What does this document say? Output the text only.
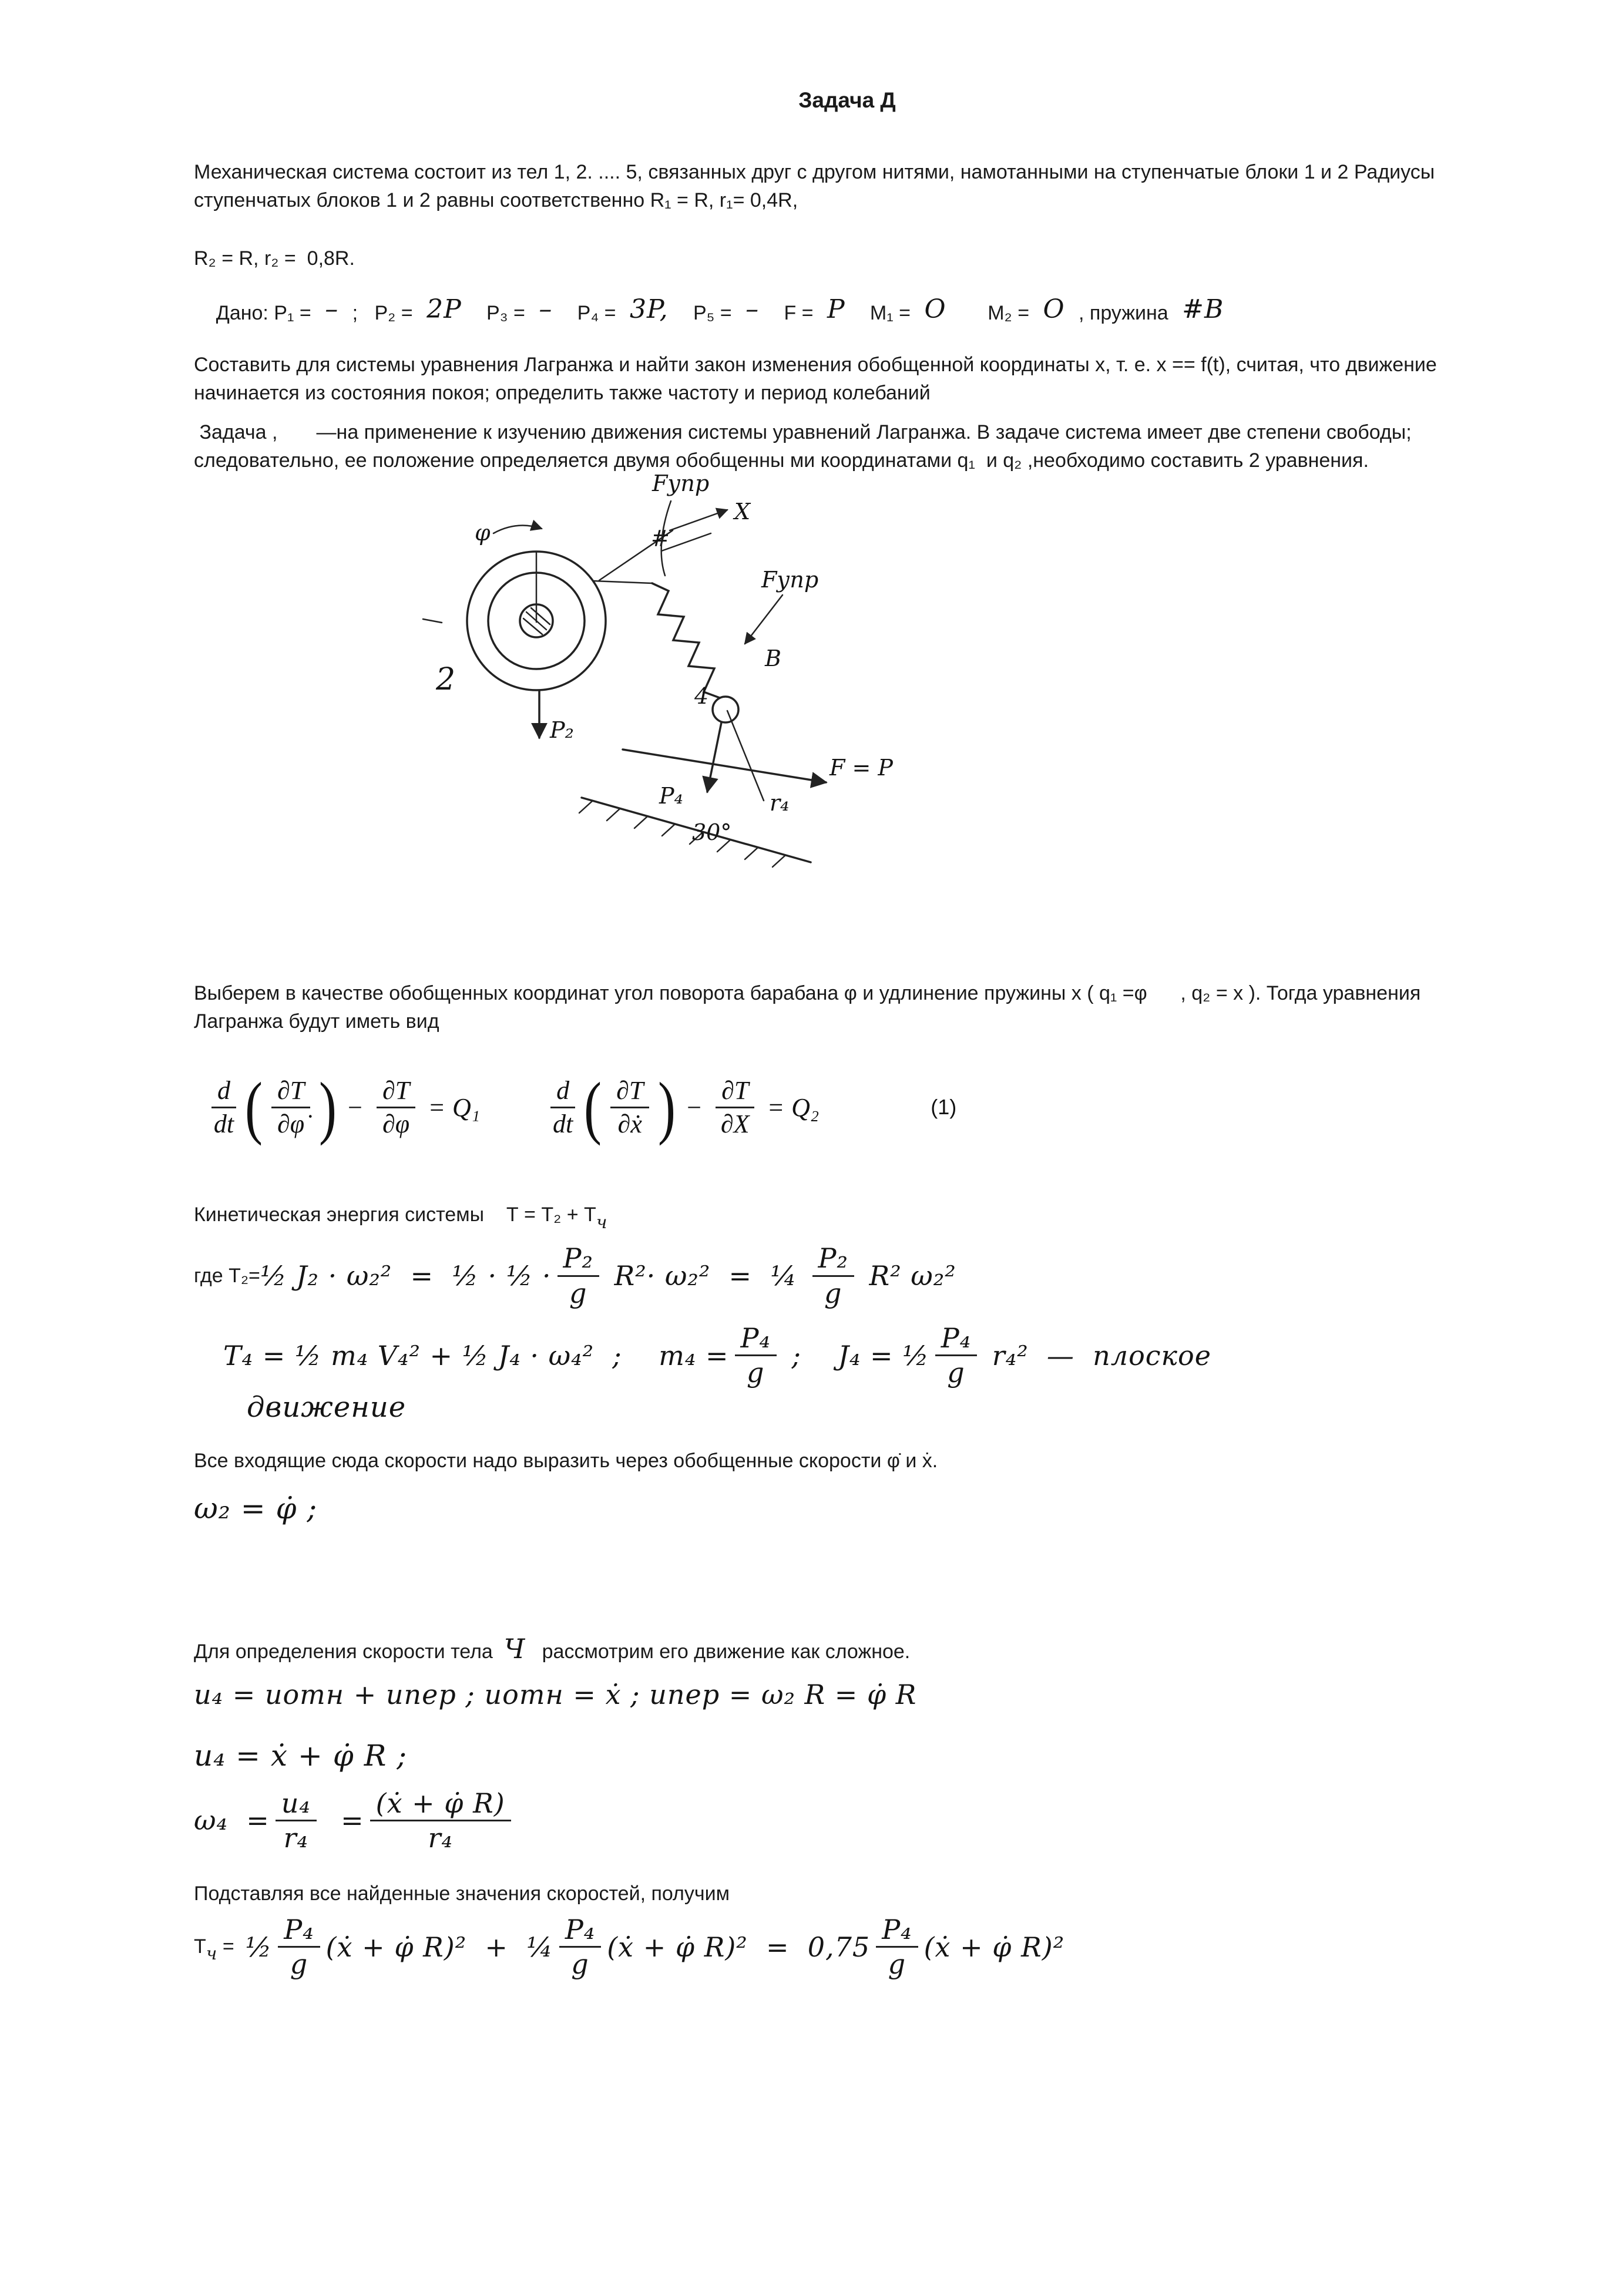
Задача Д

Механическая система состоит из тел 1, 2. .... 5, связанных друг с другом нитями, намотанными на ступенчатые блоки 1 и 2 Радиусы ступенчатых блоков 1 и 2 равны соответственно R₁ = R, r₁= 0,4R,

R₂ = R, r₂ =  0,8R.

Дано: Р₁ = – ;   Р₂ = 2P   Р₃ = –   Р₄ = 3P,   Р₅ = –   F = P   М₁ = O      М₂ = O , пружина #B

Составить для системы уравнения Лагранжа и найти закон изменения обобщенной координаты x, т. е. x == f(t), считая, что движение начинается из состояния покоя; определить также частоту и период колебаний

Задача ,       —на применение к изучению движения системы уравнений Лагранжа. В задаче система имеет две степени свободы; следовательно, ее положение определяется двумя обобщенны ми координатами q₁  и q₂ ,необходимо составить 2 уравнения.

φ
2
Р₂
X
#
Fупр
Fупр
B
4
Р₄	r₄
F = P
30°

Выберем в качестве обобщенных координат угол поворота барабана φ и удлинение пружины x ( q₁ =φ      , q₂ = x ). Тогда уравнения Лагранжа будут иметь вид

$\frac{d}{dt}$ ( $\frac{\partial T}{\partial\varphi̇}$ ) − $\frac{\partial T}{\partial\varphi} = Q_1$	$\frac{d}{dt}$ ( $\frac{\partial T}{\text{∂ẋ}}$ ) − $\frac{\partial T}{\partial X} = Q_2$	(1)
Кинетическая энергия системы    Т = Т₂ + Тч
где Т₂= ½ J₂ · ω₂²  =  ½ · ½ · $\frac{\text{Р₂}}{g} R^2\cdot \omega_2^2$  =  ¼ $\frac{\text{Р₂}}{g} R^2$ ω₂²
Т₄ = ½ m₄ V₄² + ½ J₄ · ω₄²  ;    $m_4 = \frac{\text{Р₄}}{g}$ ;    J₄ = ½ $\frac{\text{Р₄}}{g} r_4^2$  —  плоское
движение

Все входящие сюда скорости надо выразить через обобщенные скорости φ̇ и ẋ.

ω₂ = φ̇ ;
Для определения скорости тела  Ч   рассмотрим его движение как сложное.
u₄ = uотн + uпер ; uотн = ẋ ; uпер = ω₂ R = φ̇ R
u₄ = ẋ + φ̇ R ;
$\omega_4 = \frac{\text{u₄}}{\text{r₄}} = \frac{\text{(ẋ + φ̇ R)}}{\text{r₄}}$

Подставляя все найденные значения скоростей, получим

Т ч = ½ $\frac{\text{Р₄}}{g}$ (ẋ + φ̇ R)²  +  ¼ $\frac{\text{Р₄}}{g}$ (ẋ + φ̇ $R)^2 = 0,75 \frac{\text{Р₄}}{g}$ (ẋ + φ̇ R)²
